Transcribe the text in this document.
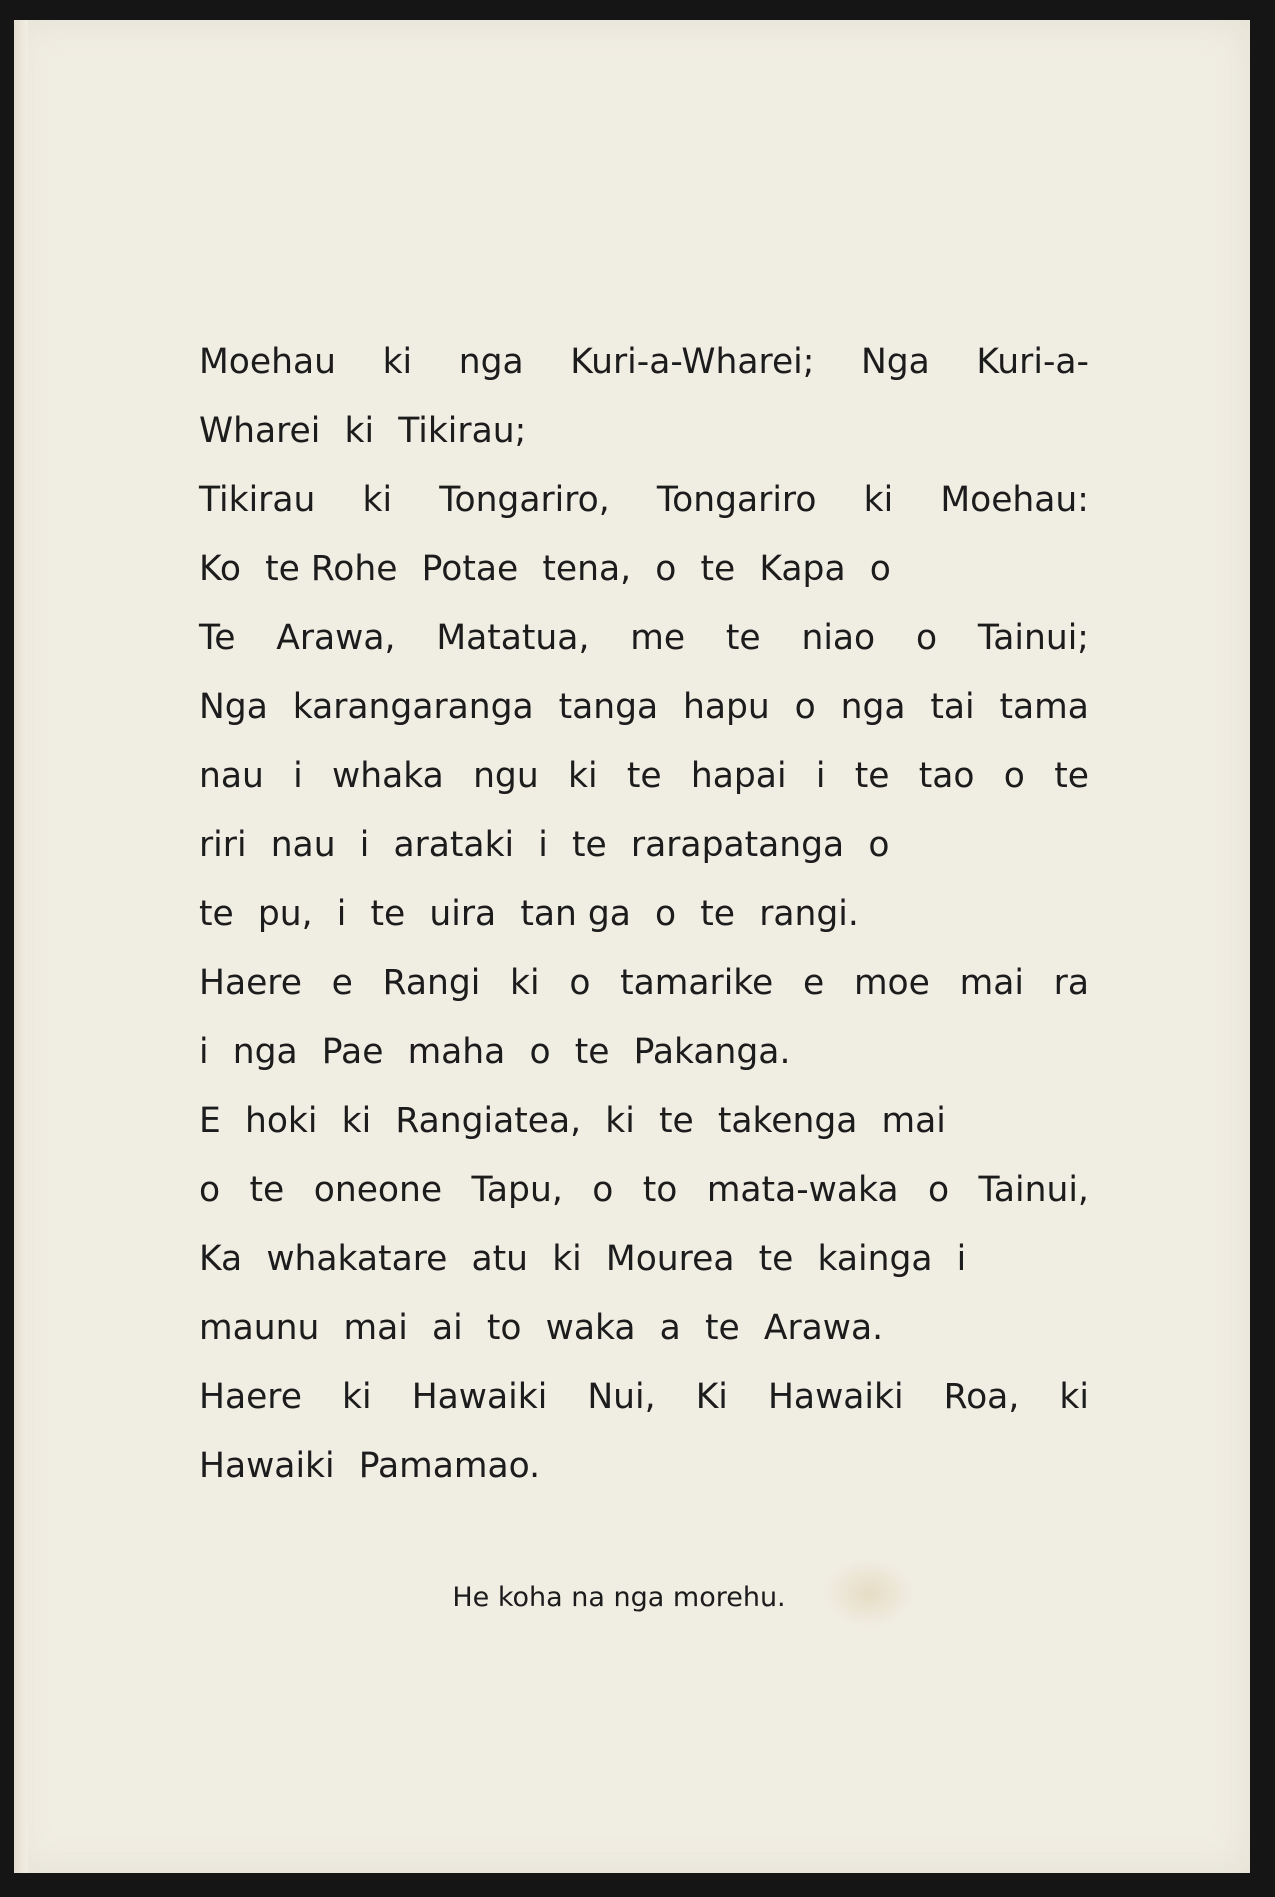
Moehau ki nga Kuri-a-Wharei; Nga Kuri-a-
Wharei ki Tikirau;
Tikirau ki Tongariro, Tongariro ki Moehau:
Ko te Rohe Potae tena, o te Kapa o
Te Arawa, Matatua, me te niao o Tainui;
Nga karangaranga tanga hapu o nga tai tama
nau i whaka ngu ki te hapai i te tao o te
riri nau i arataki i te rarapatanga o
te pu, i te uira tan ga o te rangi.
Haere e Rangi ki o tamarike e moe mai ra
i nga Pae maha o te Pakanga.
E hoki ki Rangiatea, ki te takenga mai
o te oneone Tapu, o to mata-waka o Tainui,
Ka whakatare atu ki Mourea te kainga i
maunu mai ai to waka a te Arawa.
Haere ki Hawaiki Nui, Ki Hawaiki Roa, ki
Hawaiki Pamamao.
He koha na nga morehu.
